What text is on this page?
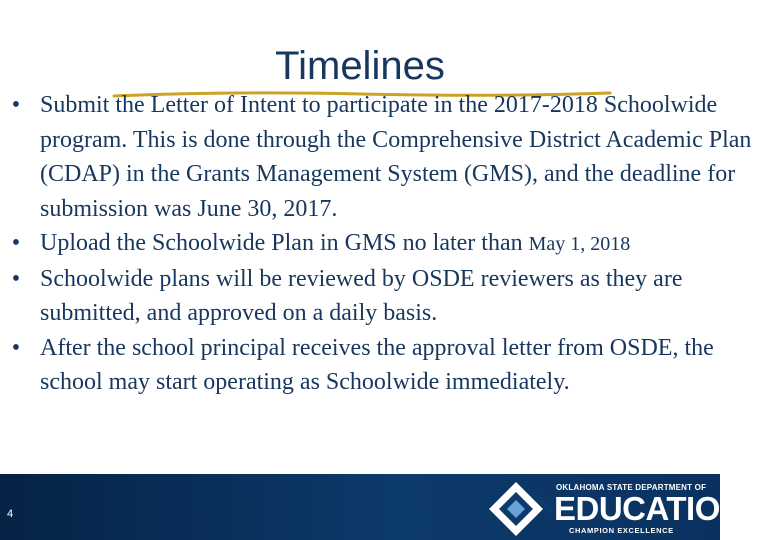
Timelines
• Submit the Letter of Intent to participate in the 2017-2018 Schoolwide program. This is done through the Comprehensive District Academic Plan (CDAP) in the Grants Management System (GMS), and the deadline for submission was June 30, 2017.
• Upload the Schoolwide Plan in GMS no later than May 1, 2018
• Schoolwide plans will be reviewed by OSDE reviewers as they are submitted, and approved on a daily basis.
• After the school principal receives the approval letter from OSDE, the school may start operating as Schoolwide immediately.
4
OKLAHOMA STATE DEPARTMENT OF
EDUCATION
CHAMPION EXCELLENCE
